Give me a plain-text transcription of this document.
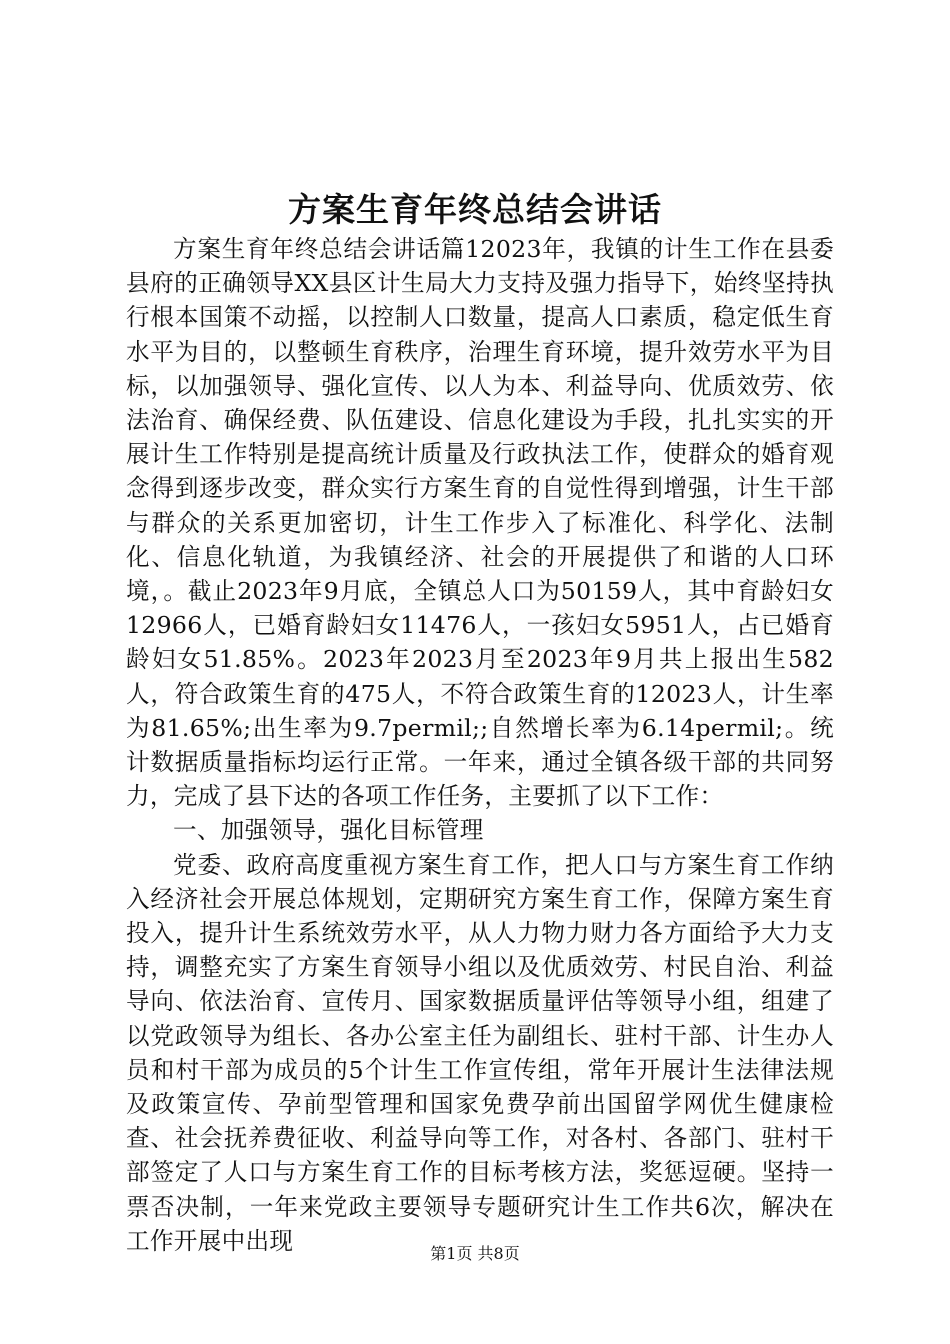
方案生育年终总结会讲话

方案生育年终总结会讲话篇12023年，我镇的计生工作在县委县府的正确领导XX县区计生局大力支持及强力指导下，始终坚持执行根本国策不动摇，以控制人口数量，提高人口素质，稳定低生育水平为目的，以整顿生育秩序，治理生育环境，提升效劳水平为目标，以加强领导、强化宣传、以人为本、利益导向、优质效劳、依法治育、确保经费、队伍建设、信息化建设为手段，扎扎实实的开展计生工作特别是提高统计质量及行政执法工作，使群众的婚育观念得到逐步改变，群众实行方案生育的自觉性得到增强，计生干部与群众的关系更加密切，计生工作步入了标准化、科学化、法制化、信息化轨道，为我镇经济、社会的开展提供了和谐的人口环境，。截止2023年9月底，全镇总人口为50159人，其中育龄妇女12966人，已婚育龄妇女11476人，一孩妇女5951人，占已婚育龄妇女51.85%。2023年2023月至2023年9月共上报出生582人，符合政策生育的475人，不符合政策生育的12023人，计生率为81.65%;出生率为9.7permil;;自然增长率为6.14permil;。统计数据质量指标均运行正常。一年来，通过全镇各级干部的共同努力，完成了县下达的各项工作任务，主要抓了以下工作：

一、加强领导，强化目标管理

党委、政府高度重视方案生育工作，把人口与方案生育工作纳入经济社会开展总体规划，定期研究方案生育工作，保障方案生育投入，提升计生系统效劳水平，从人力物力财力各方面给予大力支持，调整充实了方案生育领导小组以及优质效劳、村民自治、利益导向、依法治育、宣传月、国家数据质量评估等领导小组，组建了以党政领导为组长、各办公室主任为副组长、驻村干部、计生办人员和村干部为成员的5个计生工作宣传组，常年开展计生法律法规及政策宣传、孕前型管理和国家免费孕前出国留学网优生健康检查、社会抚养费征收、利益导向等工作，对各村、各部门、驻村干部签定了人口与方案生育工作的目标考核方法，奖惩逗硬。坚持一票否决制，一年来党政主要领导专题研究计生工作共6次，解决在工作开展中出现	第1页 共8页
